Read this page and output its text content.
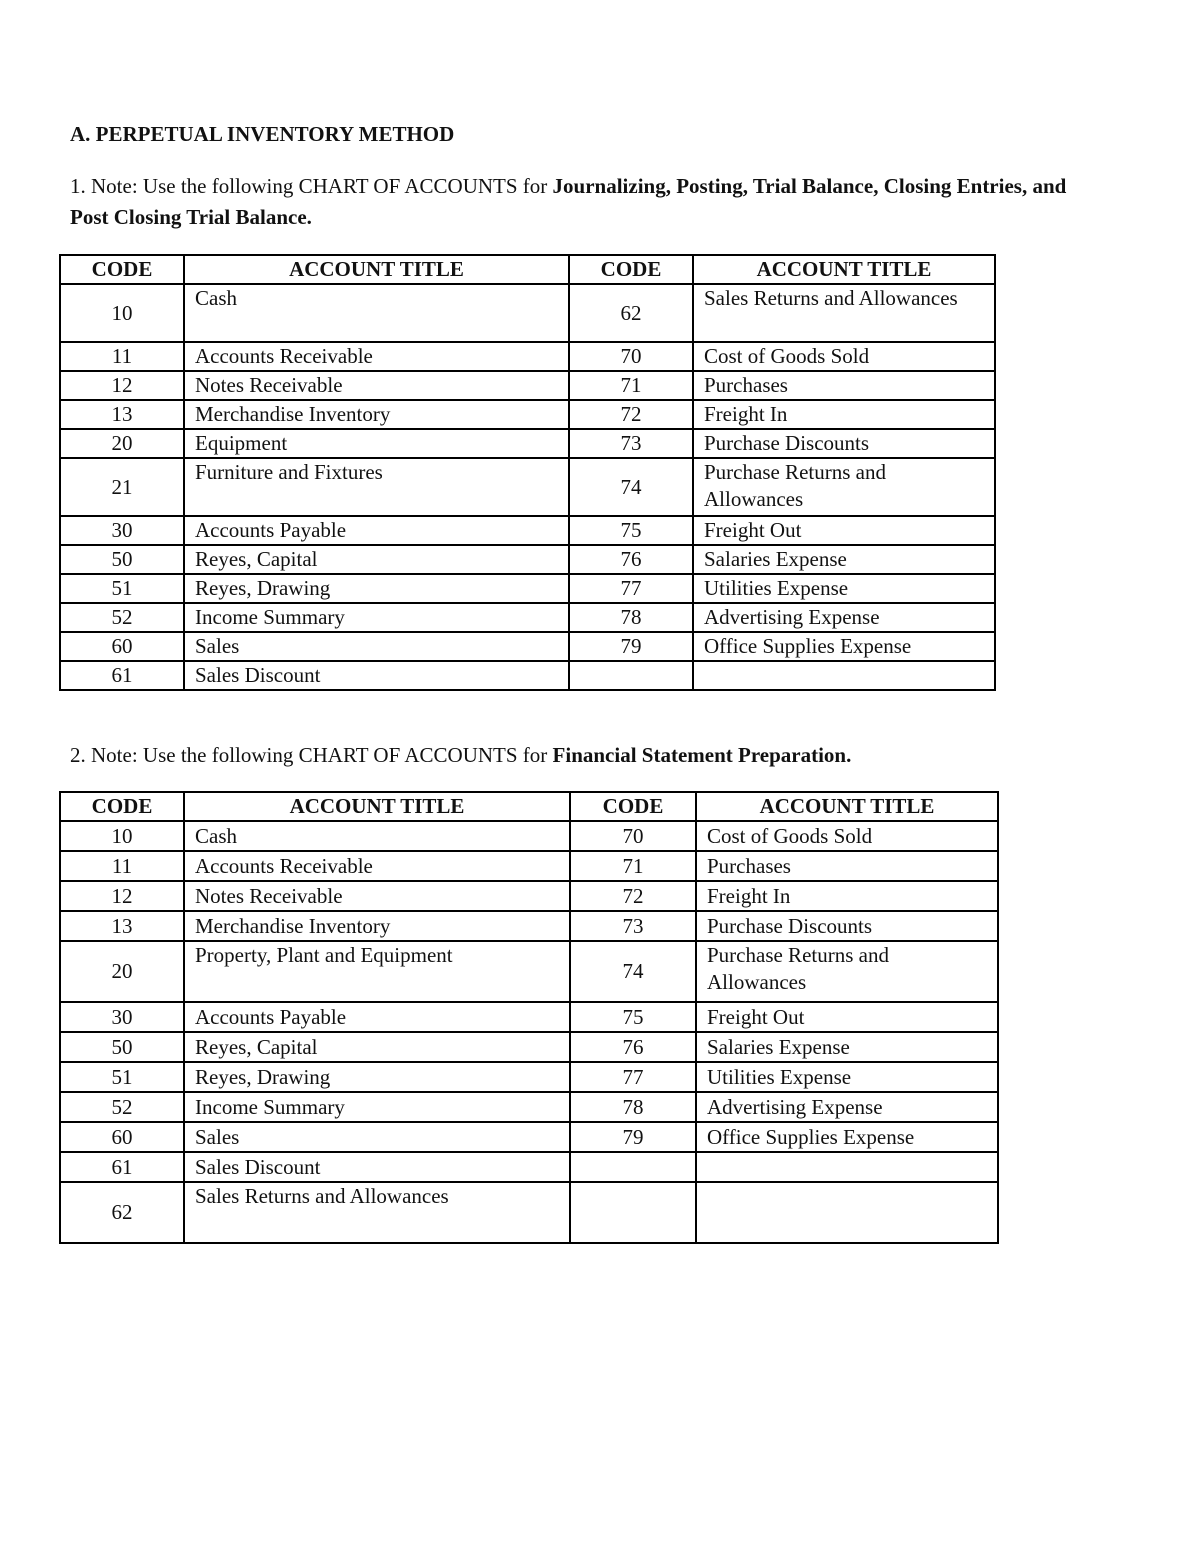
A. PERPETUAL INVENTORY METHOD
1. Note: Use the following CHART OF ACCOUNTS for Journalizing, Posting, Trial Balance, Closing Entries, and Post Closing Trial Balance.
CODE	ACCOUNT TITLE	CODE	ACCOUNT TITLE
10	Cash	62	Sales Returns and Allowances
11	Accounts Receivable	70	Cost of Goods Sold
12	Notes Receivable	71	Purchases
13	Merchandise Inventory	72	Freight In
20	Equipment	73	Purchase Discounts
21	Furniture and Fixtures	74	Purchase Returns and Allowances
30	Accounts Payable	75	Freight Out
50	Reyes, Capital	76	Salaries Expense
51	Reyes, Drawing	77	Utilities Expense
52	Income Summary	78	Advertising Expense
60	Sales	79	Office Supplies Expense
61	Sales Discount		
2. Note: Use the following CHART OF ACCOUNTS for Financial Statement Preparation.
CODE	ACCOUNT TITLE	CODE	ACCOUNT TITLE
10	Cash	70	Cost of Goods Sold
11	Accounts Receivable	71	Purchases
12	Notes Receivable	72	Freight In
13	Merchandise Inventory	73	Purchase Discounts
20	Property, Plant and Equipment	74	Purchase Returns and Allowances
30	Accounts Payable	75	Freight Out
50	Reyes, Capital	76	Salaries Expense
51	Reyes, Drawing	77	Utilities Expense
52	Income Summary	78	Advertising Expense
60	Sales	79	Office Supplies Expense
61	Sales Discount		
62	Sales Returns and Allowances		
